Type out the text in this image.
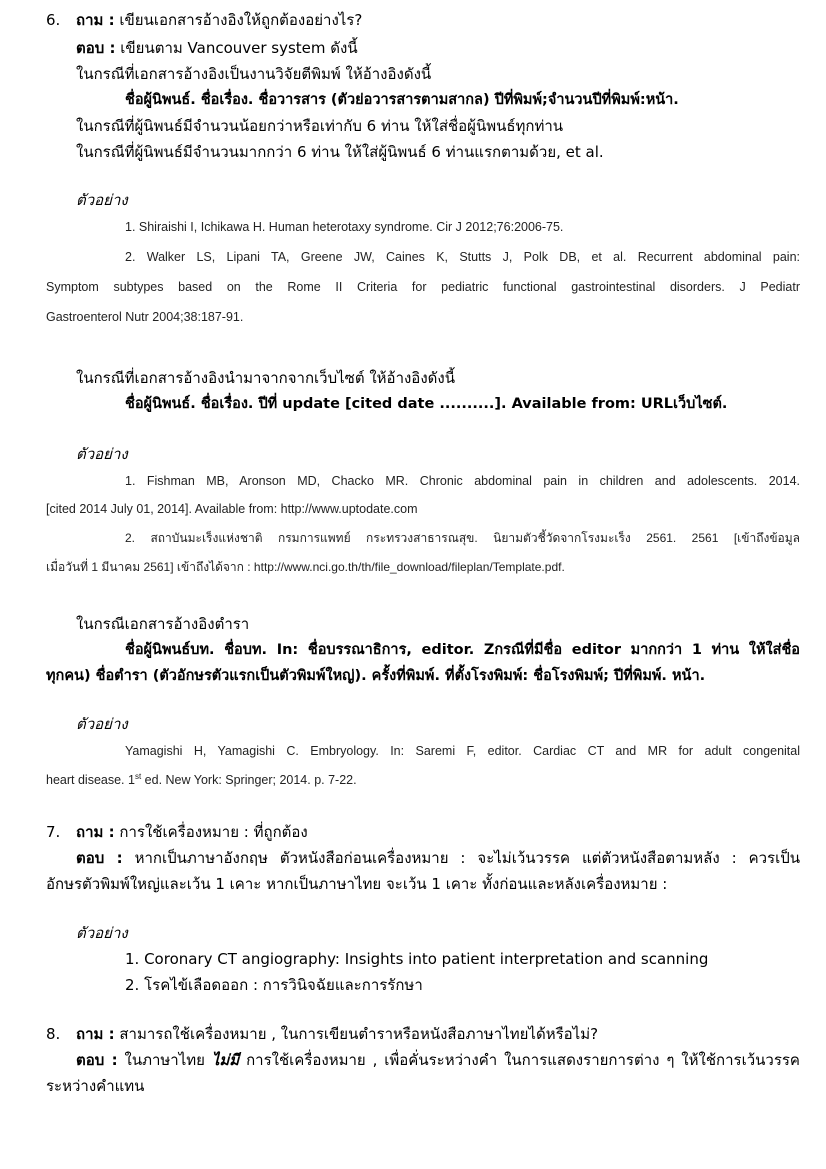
6. ถาม : เขียนเอกสารอ้างอิงให้ถูกต้องอย่างไร?
ตอบ : เขียนตาม Vancouver system ดังนี้
ในกรณีที่เอกสารอ้างอิงเป็นงานวิจัยตีพิมพ์ ให้อ้างอิงดังนี้
ชื่อผู้นิพนธ์. ชื่อเรื่อง. ชื่อวารสาร (ตัวย่อวารสารตามสากล) ปีที่พิมพ์;จำนวนปีที่พิมพ์:หน้า.
ในกรณีที่ผู้นิพนธ์มีจำนวนน้อยกว่าหรือเท่ากับ 6 ท่าน ให้ใส่ชื่อผู้นิพนธ์ทุกท่าน
ในกรณีที่ผู้นิพนธ์มีจำนวนมากกว่า 6 ท่าน ให้ใส่ผู้นิพนธ์ 6 ท่านแรกตามด้วย, et al.
ตัวอย่าง
1. Shiraishi I, Ichikawa H. Human heterotaxy syndrome. Cir J 2012;76:2006-75.
2. Walker LS, Lipani TA, Greene JW, Caines K, Stutts J, Polk DB, et al. Recurrent abdominal pain:
Symptom subtypes based on the Rome II Criteria for pediatric functional gastrointestinal disorders. J Pediatr
Gastroenterol Nutr 2004;38:187-91.
ในกรณีที่เอกสารอ้างอิงนำมาจากจากเว็บไซต์ ให้อ้างอิงดังนี้
ชื่อผู้นิพนธ์. ชื่อเรื่อง. ปีที่ update [cited date ..........]. Available from: URLเว็บไซต์.
ตัวอย่าง
1. Fishman MB, Aronson MD, Chacko MR. Chronic abdominal pain in children and adolescents. 2014.
[cited 2014 July 01, 2014]. Available from: http://www.uptodate.com
2. สถาบันมะเร็งแห่งชาติ กรมการแพทย์ กระทรวงสาธารณสุข. นิยามตัวชี้วัดจากโรงมะเร็ง 2561. 2561 [เข้าถึงข้อมูล
เมื่อวันที่ 1 มีนาคม 2561] เข้าถึงได้จาก : http://www.nci.go.th/th/file_download/fileplan/Template.pdf.
ในกรณีเอกสารอ้างอิงตำรา
ชื่อผู้นิพนธ์บท. ชื่อบท. In: ชื่อบรรณาธิการ, editor. Zกรณีที่มีชื่อ editor มากกว่า 1 ท่าน ให้ใส่ชื่อ
ทุกคน) ชื่อตำรา (ตัวอักษรตัวแรกเป็นตัวพิมพ์ใหญ่). ครั้งที่พิมพ์. ที่ตั้งโรงพิมพ์: ชื่อโรงพิมพ์; ปีที่พิมพ์. หน้า.
ตัวอย่าง
Yamagishi H, Yamagishi C. Embryology. In: Saremi F, editor. Cardiac CT and MR for adult congenital
heart disease. 1st ed. New York: Springer; 2014. p. 7-22.
7. ถาม : การใช้เครื่องหมาย : ที่ถูกต้อง
ตอบ : หากเป็นภาษาอังกฤษ ตัวหนังสือก่อนเครื่องหมาย : จะไม่เว้นวรรค แต่ตัวหนังสือตามหลัง : ควรเป็น
อักษรตัวพิมพ์ใหญ่และเว้น 1 เคาะ หากเป็นภาษาไทย จะเว้น 1 เคาะ ทั้งก่อนและหลังเครื่องหมาย :
ตัวอย่าง
1. Coronary CT angiography: Insights into patient interpretation and scanning
2. โรคไข้เลือดออก : การวินิจฉัยและการรักษา
8. ถาม : สามารถใช้เครื่องหมาย , ในการเขียนตำราหรือหนังสือภาษาไทยได้หรือไม่?
ตอบ : ในภาษาไทย ไม่มี การใช้เครื่องหมาย , เพื่อคั่นระหว่างคำ ในการแสดงรายการต่าง ๆ ให้ใช้การเว้นวรรค
ระหว่างคำแทน
